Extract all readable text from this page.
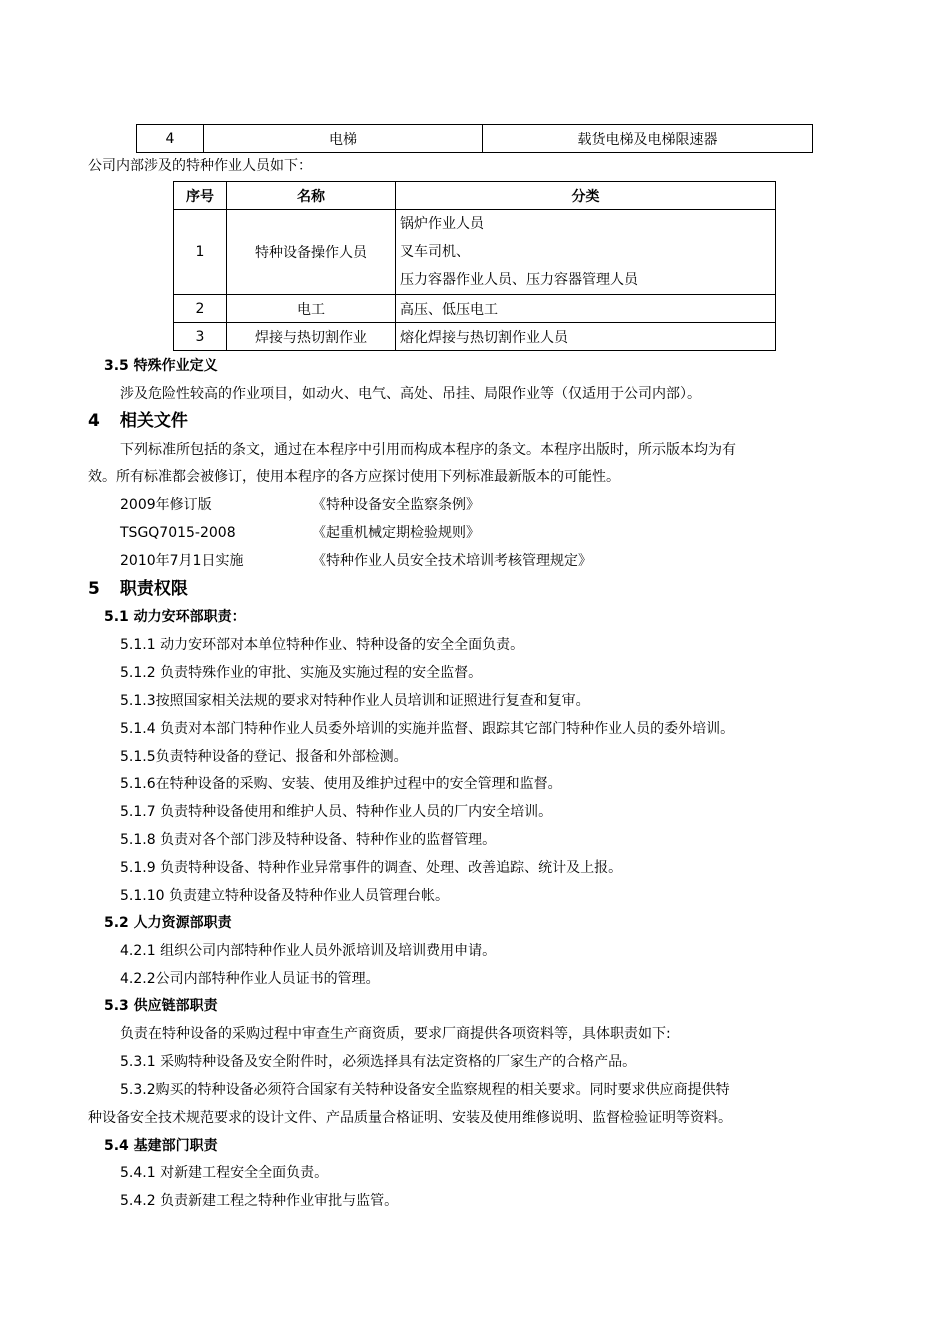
4	电梯	载货电梯及电梯限速器
公司内部涉及的特种作业人员如下：
序号	名称	分类
1	特种设备操作人员	锅炉作业人员
叉车司机、
压力容器作业人员、压力容器管理人员

2	电工	高压、低压电工
3	焊接与热切割作业	熔化焊接与热切割作业人员
3.5 特殊作业定义
涉及危险性较高的作业项目，如动火、电气、高处、吊挂、局限作业等（仅适用于公司内部）。
4 相关文件
下列标准所包括的条文，通过在本程序中引用而构成本程序的条文。本程序出版时，所示版本均为有
效。所有标准都会被修订，使用本程序的各方应探讨使用下列标准最新版本的可能性。
2009年修订版	《特种设备安全监察条例》
TSGQ7015-2008	《起重机械定期检验规则》
2010年7月1日实施	《特种作业人员安全技术培训考核管理规定》
5 职责权限
5.1 动力安环部职责：
5.1.1 动力安环部对本单位特种作业、特种设备的安全全面负责。
5.1.2 负责特殊作业的审批、实施及实施过程的安全监督。
5.1.3按照国家相关法规的要求对特种作业人员培训和证照进行复查和复审。
5.1.4 负责对本部门特种作业人员委外培训的实施并监督、跟踪其它部门特种作业人员的委外培训。
5.1.5负责特种设备的登记、报备和外部检测。
5.1.6在特种设备的采购、安装、使用及维护过程中的安全管理和监督。
5.1.7 负责特种设备使用和维护人员、特种作业人员的厂内安全培训。
5.1.8 负责对各个部门涉及特种设备、特种作业的监督管理。
5.1.9 负责特种设备、特种作业异常事件的调查、处理、改善追踪、统计及上报。
5.1.10 负责建立特种设备及特种作业人员管理台帐。
5.2 人力资源部职责
4.2.1 组织公司内部特种作业人员外派培训及培训费用申请。
4.2.2公司内部特种作业人员证书的管理。
5.3 供应链部职责
负责在特种设备的采购过程中审查生产商资质，要求厂商提供各项资料等，具体职责如下:
5.3.1 采购特种设备及安全附件时，必须选择具有法定资格的厂家生产的合格产品。
5.3.2购买的特种设备必须符合国家有关特种设备安全监察规程的相关要求。同时要求供应商提供特
种设备安全技术规范要求的设计文件、产品质量合格证明、安装及使用维修说明、监督检验证明等资料。
5.4 基建部门职责
5.4.1 对新建工程安全全面负责。
5.4.2 负责新建工程之特种作业审批与监管。
